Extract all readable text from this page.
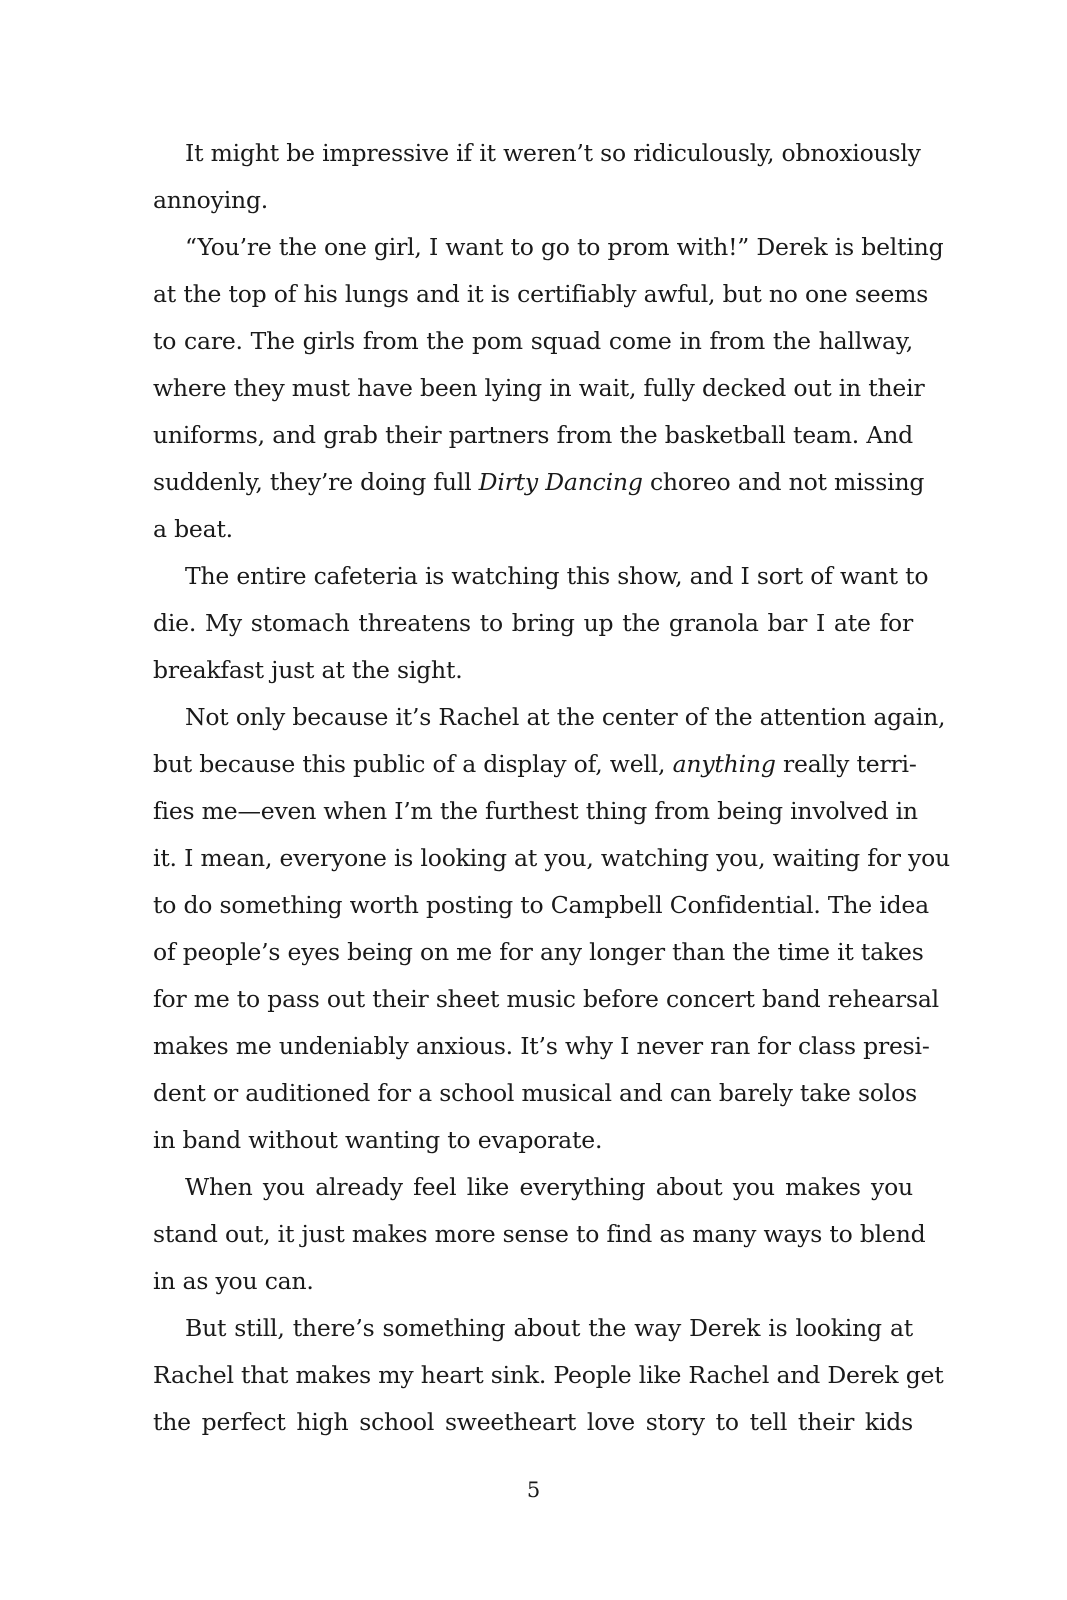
It might be impressive if it weren’t so ridiculously, obnoxiously
annoying.
“You’re the one girl, I want to go to prom with!” Derek is belting
at the top of his lungs and it is certifiably awful, but no one seems
to care. The girls from the pom squad come in from the hallway,
where they must have been lying in wait, fully decked out in their
uniforms, and grab their partners from the basketball team. And
suddenly, they’re doing full Dirty Dancing choreo and not missing
a beat.
The entire cafeteria is watching this show, and I sort of want to
die. My stomach threatens to bring up the granola bar I ate for
breakfast just at the sight.
Not only because it’s Rachel at the center of the attention again,
but because this public of a display of, well, anything really terri-
fies me—even when I’m the furthest thing from being involved in
it. I mean, everyone is looking at you, watching you, waiting for you
to do something worth posting to Campbell Confidential. The idea
of people’s eyes being on me for any longer than the time it takes
for me to pass out their sheet music before concert band rehearsal
makes me undeniably anxious. It’s why I never ran for class presi-
dent or auditioned for a school musical and can barely take solos
in band without wanting to evaporate.
When you already feel like everything about you makes you
stand out, it just makes more sense to find as many ways to blend
in as you can.
But still, there’s something about the way Derek is looking at
Rachel that makes my heart sink. People like Rachel and Derek get
the perfect high school sweetheart love story to tell their kids
5
